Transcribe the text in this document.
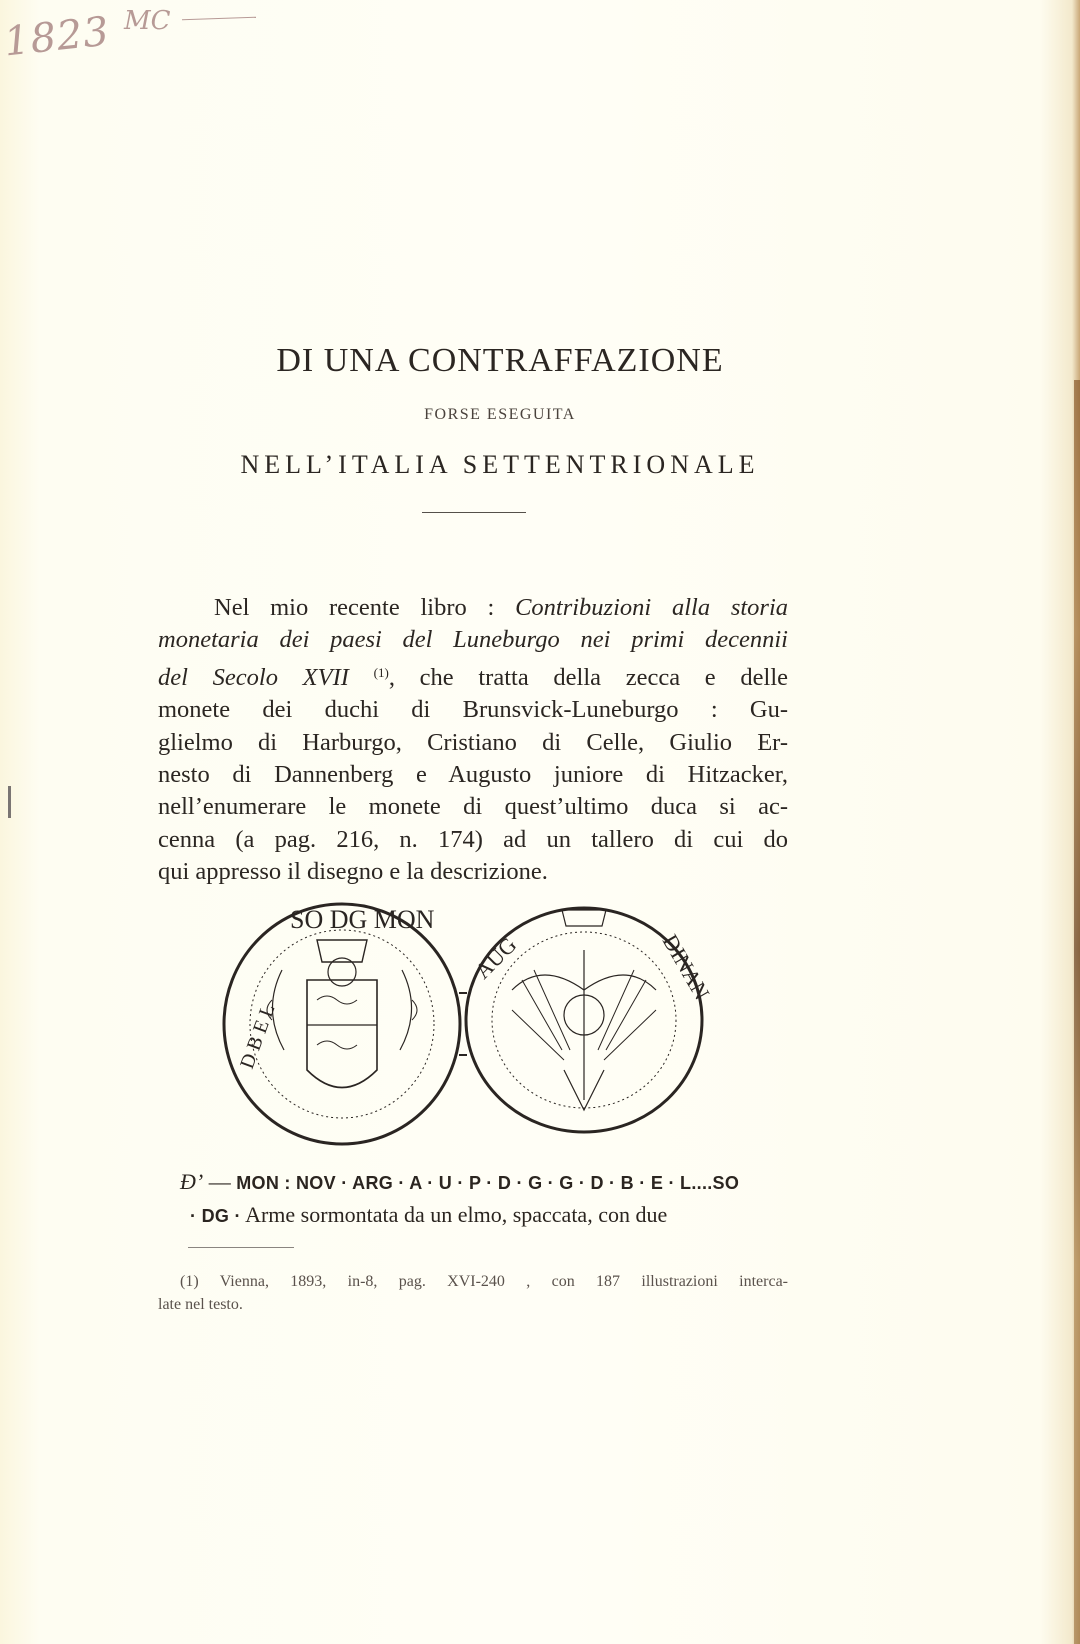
1823 MC
DI UNA CONTRAFFAZIONE
FORSE ESEGUITA
NELL’ITALIA SETTENTRIONALE
Nel mio recente libro : Contribuzioni alla storia
monetaria dei paesi del Luneburgo nei primi decennii
del Secolo XVII $^{(1)}$, che tratta della zecca e delle
monete dei duchi di Brunsvick-Luneburgo : Gu-
glielmo di Harburgo, Cristiano di Celle, Giulio Er-
nesto di Dannenberg e Augusto juniore di Hitzacker,
nell’enumerare le monete di quest’ultimo duca si ac-
cenna (a pag. 216, n. 174) ad un tallero di cui do
qui appresso il disegno e la descrizione.
SO DG MON
D B E L
AUG	DINAN
Ɖ’ — MON : NOV · ARG · A · U · P · D · G · G · D · B · E · L....SO
· DG · Arme sormontata da un elmo, spaccata, con due
(1) Vienna, 1893, in-8, pag. XVI-240 , con 187 illustrazioni interca-
late nel testo.
